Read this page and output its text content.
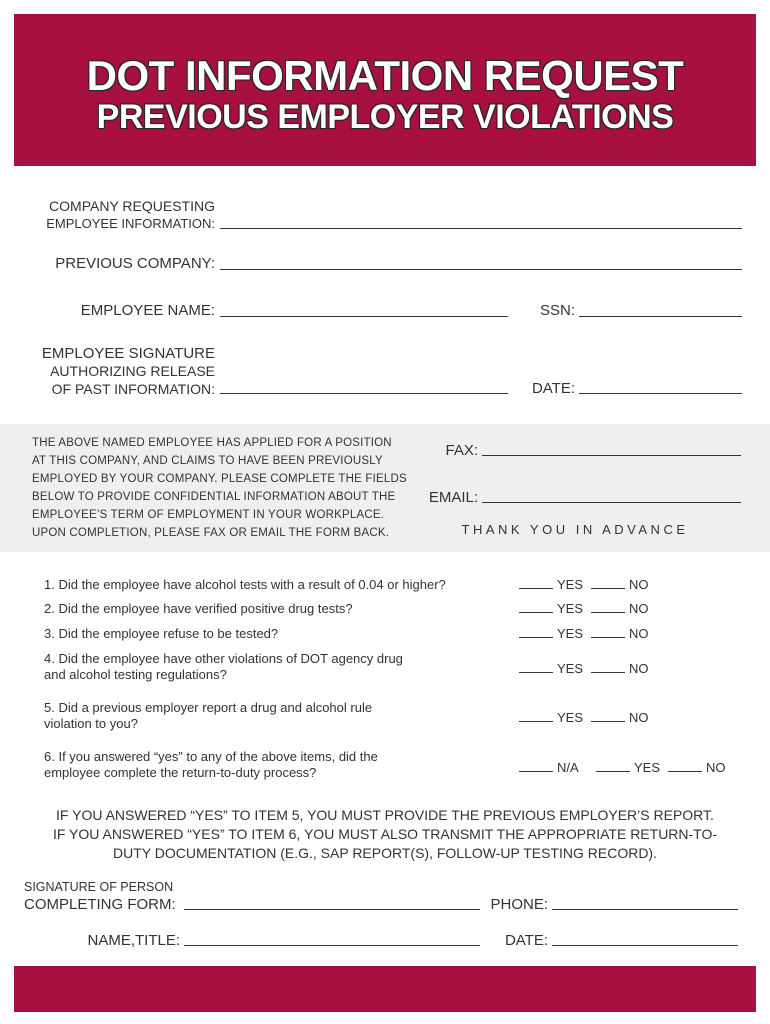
DOT INFORMATION REQUEST
PREVIOUS EMPLOYER VIOLATIONS
COMPANY REQUESTING
EMPLOYEE INFORMATION:
PREVIOUS COMPANY:
EMPLOYEE NAME:	SSN:
EMPLOYEE SIGNATURE
AUTHORIZING RELEASE
OF PAST INFORMATION:	DATE:
THE ABOVE NAMED EMPLOYEE HAS APPLIED FOR A POSITION
AT THIS COMPANY, AND CLAIMS TO HAVE BEEN PREVIOUSLY
EMPLOYED BY YOUR COMPANY. PLEASE COMPLETE THE FIELDS
BELOW TO PROVIDE CONFIDENTIAL INFORMATION ABOUT THE
EMPLOYEE’S TERM OF EMPLOYMENT IN YOUR WORKPLACE.
UPON COMPLETION, PLEASE FAX OR EMAIL THE FORM BACK.
FAX:
EMAIL:
THANK YOU IN ADVANCE
1. Did the employee have alcohol tests with a result of 0.04 or higher?	YES	NO
2. Did the employee have verified positive drug tests?	YES	NO
3. Did the employee refuse to be tested?	YES	NO
4. Did the employee have other violations of DOT agency drug
and alcohol testing regulations?	YES	NO
5. Did a previous employer report a drug and alcohol rule
violation to you?	YES	NO
6. If you answered “yes” to any of the above items, did the
employee complete the return-to-duty process?	N/A	YES	NO
IF YOU ANSWERED “YES” TO ITEM 5, YOU MUST PROVIDE THE PREVIOUS EMPLOYER’S REPORT.
IF YOU ANSWERED “YES” TO ITEM 6, YOU MUST ALSO TRANSMIT THE APPROPRIATE RETURN-TO-
DUTY DOCUMENTATION (E.G., SAP REPORT(S), FOLLOW-UP TESTING RECORD).
SIGNATURE OF PERSON
COMPLETING FORM:	PHONE:
NAME,TITLE:	DATE:
